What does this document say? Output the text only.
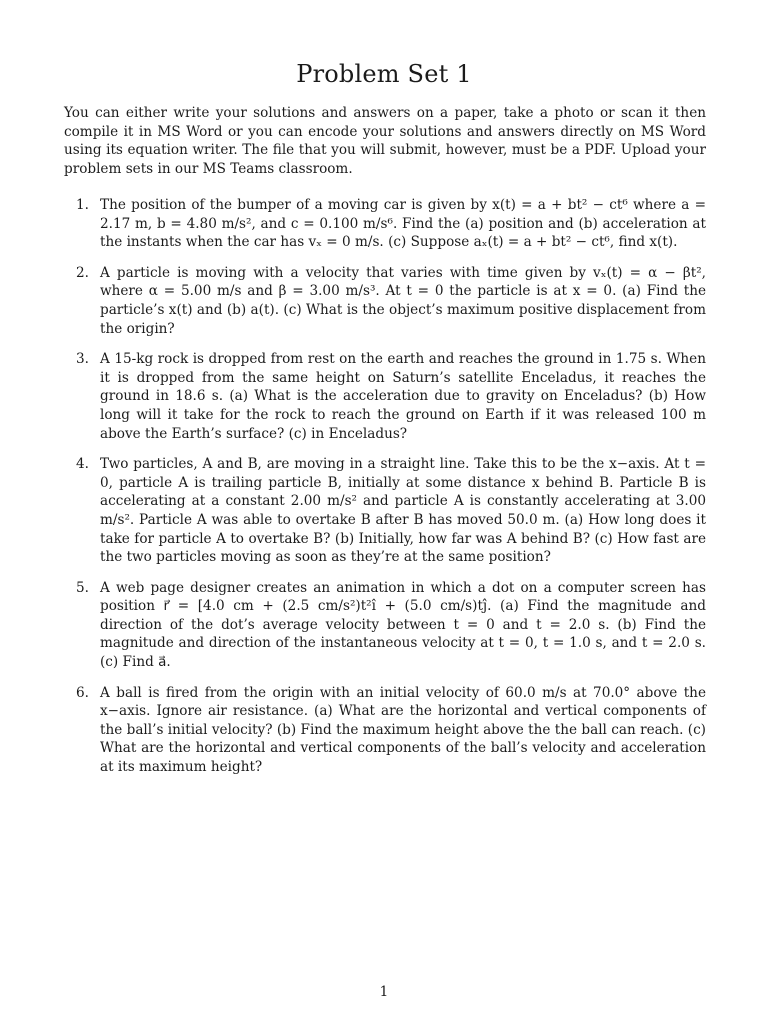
Problem Set 1
You can either write your solutions and answers on a paper, take a photo or scan it then compile it in MS Word or you can encode your solutions and answers directly on MS Word using its equation writer. The file that you will submit, however, must be a PDF. Upload your problem sets in our MS Teams classroom.
1. The position of the bumper of a moving car is given by x(t) = a + bt² − ct⁶ where a = 2.17 m, b = 4.80 m/s², and c = 0.100 m/s⁶. Find the (a) position and (b) acceleration at the instants when the car has vₓ = 0 m/s. (c) Suppose aₓ(t) = a + bt² − ct⁶, find x(t).
2. A particle is moving with a velocity that varies with time given by vₓ(t) = α − βt², where α = 5.00 m/s and β = 3.00 m/s³. At t = 0 the particle is at x = 0. (a) Find the particle’s x(t) and (b) a(t). (c) What is the object’s maximum positive displacement from the origin?
3. A 15-kg rock is dropped from rest on the earth and reaches the ground in 1.75 s. When it is dropped from the same height on Saturn’s satellite Enceladus, it reaches the ground in 18.6 s. (a) What is the acceleration due to gravity on Enceladus? (b) How long will it take for the rock to reach the ground on Earth if it was released 100 m above the Earth’s surface? (c) in Enceladus?
4. Two particles, A and B, are moving in a straight line. Take this to be the x−axis. At t = 0, particle A is trailing particle B, initially at some distance x behind B. Particle B is accelerating at a constant 2.00 m/s² and particle A is constantly accelerating at 3.00 m/s². Particle A was able to overtake B after B has moved 50.0 m. (a) How long does it take for particle A to overtake B? (b) Initially, how far was A behind B? (c) How fast are the two particles moving as soon as they’re at the same position?
5. A web page designer creates an animation in which a dot on a computer screen has position r⃗ = [4.0 cm + (2.5 cm/s²)t²î + (5.0 cm/s)tĵ. (a) Find the magnitude and direction of the dot’s average velocity between t = 0 and t = 2.0 s. (b) Find the magnitude and direction of the instantaneous velocity at t = 0, t = 1.0 s, and t = 2.0 s. (c) Find a⃗.
6. A ball is fired from the origin with an initial velocity of 60.0 m/s at 70.0° above the x−axis. Ignore air resistance. (a) What are the horizontal and vertical components of the ball’s initial velocity? (b) Find the maximum height above the the ball can reach. (c) What are the horizontal and vertical components of the ball’s velocity and acceleration at its maximum height?
1
